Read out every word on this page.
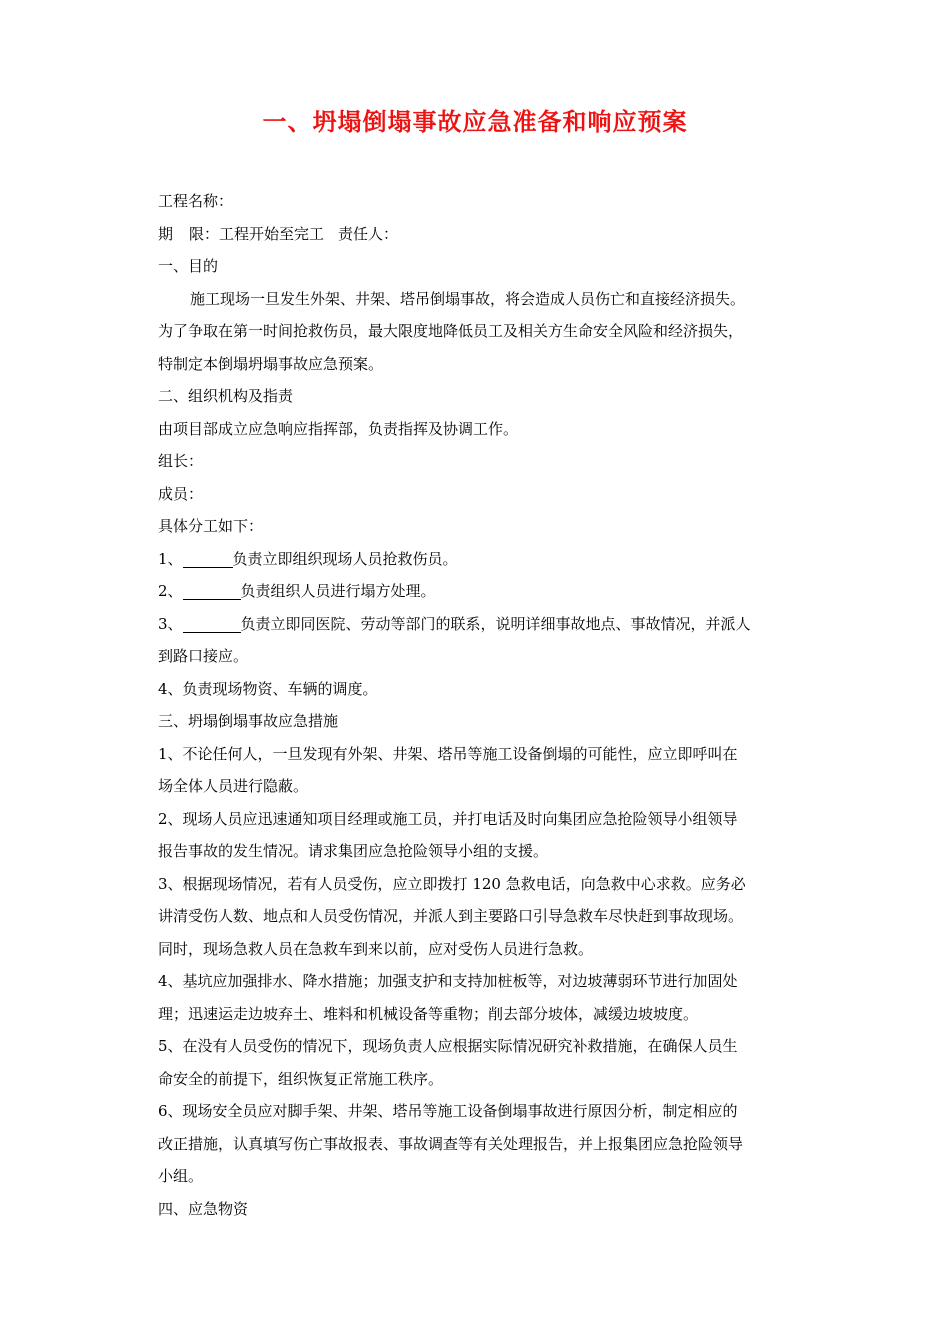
一、坍塌倒塌事故应急准备和响应预案
工程名称：
期 限：工程开始至完工 责任人：
一、目的
施工现场一旦发生外架、井架、塔吊倒塌事故，将会造成人员伤亡和直接经济损失。
为了争取在第一时间抢救伤员，最大限度地降低员工及相关方生命安全风险和经济损失，
特制定本倒塌坍塌事故应急预案。
二、组织机构及指责
由项目部成立应急响应指挥部，负责指挥及协调工作。
组长：
成员：
具体分工如下：
1、	负责立即组织现场人员抢救伤员。
2、	负责组织人员进行塌方处理。
3、	负责立即同医院、劳动等部门的联系，说明详细事故地点、事故情况，并派人
到路口接应。
4、负责现场物资、车辆的调度。
三、坍塌倒塌事故应急措施
1、不论任何人，一旦发现有外架、井架、塔吊等施工设备倒塌的可能性，应立即呼叫在
场全体人员进行隐蔽。
2、现场人员应迅速通知项目经理或施工员，并打电话及时向集团应急抢险领导小组领导
报告事故的发生情况。请求集团应急抢险领导小组的支援。
3、根据现场情况，若有人员受伤，应立即拨打 120 急救电话，向急救中心求救。应务必
讲清受伤人数、地点和人员受伤情况，并派人到主要路口引导急救车尽快赶到事故现场。
同时，现场急救人员在急救车到来以前，应对受伤人员进行急救。
4、基坑应加强排水、降水措施；加强支护和支持加桩板等，对边坡薄弱环节进行加固处
理；迅速运走边坡弃土、堆料和机械设备等重物；削去部分坡体，减缓边坡坡度。
5、在没有人员受伤的情况下，现场负责人应根据实际情况研究补救措施，在确保人员生
命安全的前提下，组织恢复正常施工秩序。
6、现场安全员应对脚手架、井架、塔吊等施工设备倒塌事故进行原因分析，制定相应的
改正措施，认真填写伤亡事故报表、事故调查等有关处理报告，并上报集团应急抢险领导
小组。
四、应急物资
